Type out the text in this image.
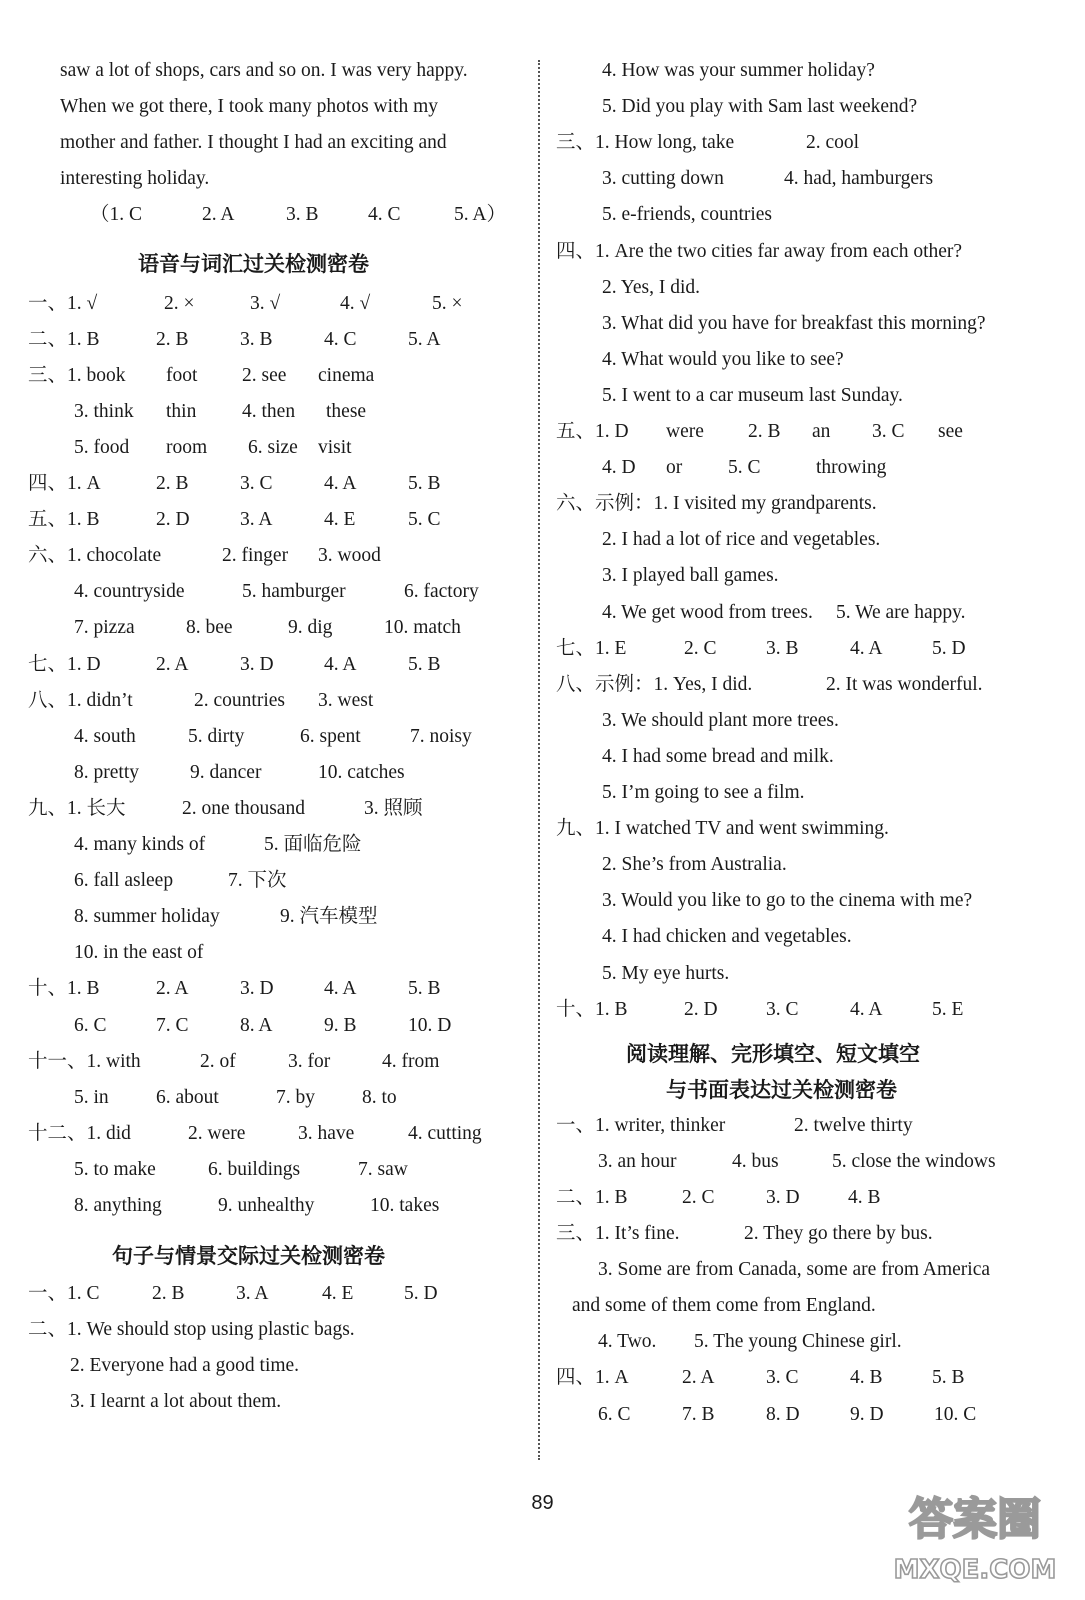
saw a lot of shops, cars and so on. I was very happy.
When we got there, I took many photos with my
mother and father. I thought I had an exciting and
interesting holiday.
（1. C	2. A	3. B	4. C	5. A）
语音与词汇过关检测密卷
一、1. √	2. ×	3. √	4. √	5. ×
二、1. B	2. B	3. B	4. C	5. A
三、1. book foot 2. see cinema
3. think thin 4. then these
5. food room 6. size visit
四、1. A	2. B	3. C	4. A	5. B
五、1. B	2. D	3. A	4. E	5. C
六、1. chocolate	2. finger 3. wood
4. countryside	5. hamburger	6. factory
7. pizza	8. bee	9. dig	10. match
七、1. D	2. A	3. D	4. A	5. B
八、1. didn’t	2. countries 3. west
4. south	5. dirty	6. spent	7. noisy
8. pretty	9. dancer	10. catches
九、1. 长大	2. one thousand	3. 照顾
4. many kinds of	5. 面临危险
6. fall asleep	7. 下次
8. summer holiday	9. 汽车模型
10. in the east of
十、1. B	2. A	3. D	4. A	5. B
6. C	7. C	8. A	9. B	10. D
十一、1. with	2. of	3. for	4. from
5. in 6. about	7. by 8. to
十二、1. did	2. were	3. have	4. cutting
5. to make	6. buildings	7. saw
8. anything	9. unhealthy	10. takes
句子与情景交际过关检测密卷
一、1. C	2. B	3. A	4. E	5. D
二、1. We should stop using plastic bags.
2. Everyone had a good time.
3. I learnt a lot about them.
4. How was your summer holiday?
5. Did you play with Sam last weekend?
三、1. How long, take	2. cool
3. cutting down	4. had, hamburgers
5. e-friends, countries
四、1. Are the two cities far away from each other?
2. Yes, I did.
3. What did you have for breakfast this morning?
4. What would you like to see?
5. I went to a car museum last Sunday.
五、1. D were 2. B an 3. C see
4. D or 5. C	throwing
六、示例：1. I visited my grandparents.
2. I had a lot of rice and vegetables.
3. I played ball games.
4. We get wood from trees. 5. We are happy.
七、1. E	2. C	3. B	4. A	5. D
八、示例：1. Yes, I did.	2. It was wonderful.
3. We should plant more trees.
4. I had some bread and milk.
5. I’m going to see a film.
九、1. I watched TV and went swimming.
2. She’s from Australia.
3. Would you like to go to the cinema with me?
4. I had chicken and vegetables.
5. My eye hurts.
十、1. B	2. D 3. C	4. A	5. E
阅读理解、完形填空、短文填空
与书面表达过关检测密卷
一、1. writer, thinker	2. twelve thirty
3. an hour	4. bus	5. close the windows
二、1. B	2. C	3. D 4. B
三、1. It’s fine.	2. They go there by bus.
3. Some are from Canada, some are from America
and some of them come from England.
4. Two. 5. The young Chinese girl.
四、1. A	2. A	3. C	4. B	5. B
6. C	7. B	8. D	9. D	10. C
89	答案圈
MXQE.COM
